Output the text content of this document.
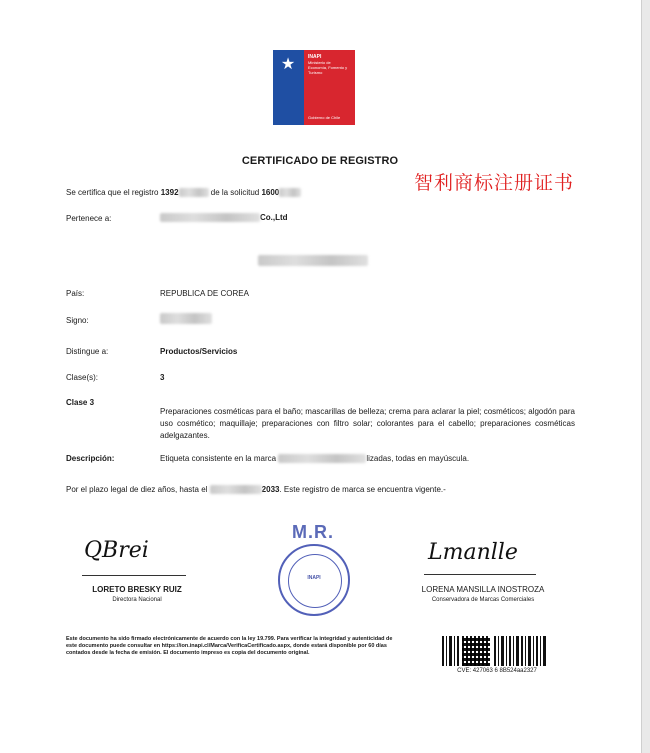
★	INAPI
Ministerio de
Economía, Fomento y
Turismo
Gobierno de Chile
CERTIFICADO DE REGISTRO
智利商标注册证书
Se certifica que el registro 1392	de la solicitud 1600
Pertenece a:	Co.,Ltd
País:	REPUBLICA DE COREA
Signo:
Distingue a:	Productos/Servicios
Clase(s):	3
Clase 3
Preparaciones cosméticas para el baño; mascarillas de belleza; crema para aclarar la piel; cosméticos; algodón para uso cosmético; maquillaje; preparaciones con filtro solar; colorantes para el cabello; preparaciones cosméticas adelgazantes.
Descripción:	Etiqueta consistente en la marca	lizadas, todas en mayúscula.
Por el plazo legal de diez años, hasta el	2033. Este registro de marca se encuentra vigente.-
QBrei
LORETO BRESKY RUIZ
Directora Nacional
M.R.
INAPI
Lmanlle
LORENA MANSILLA INOSTROZA
Conservadora de Marcas Comerciales
Este documento ha sido firmado electrónicamente de acuerdo con la ley 19.799. Para verificar la integridad y autenticidad de este documento puede consultar en https://ion.inapi.cl/Marca/VerificaCertificado.aspx, donde estará disponible por 60 días contados desde la fecha de emisión. El documento impreso es copia del documento original.
CVE: 427063 6 8B524aa2327
